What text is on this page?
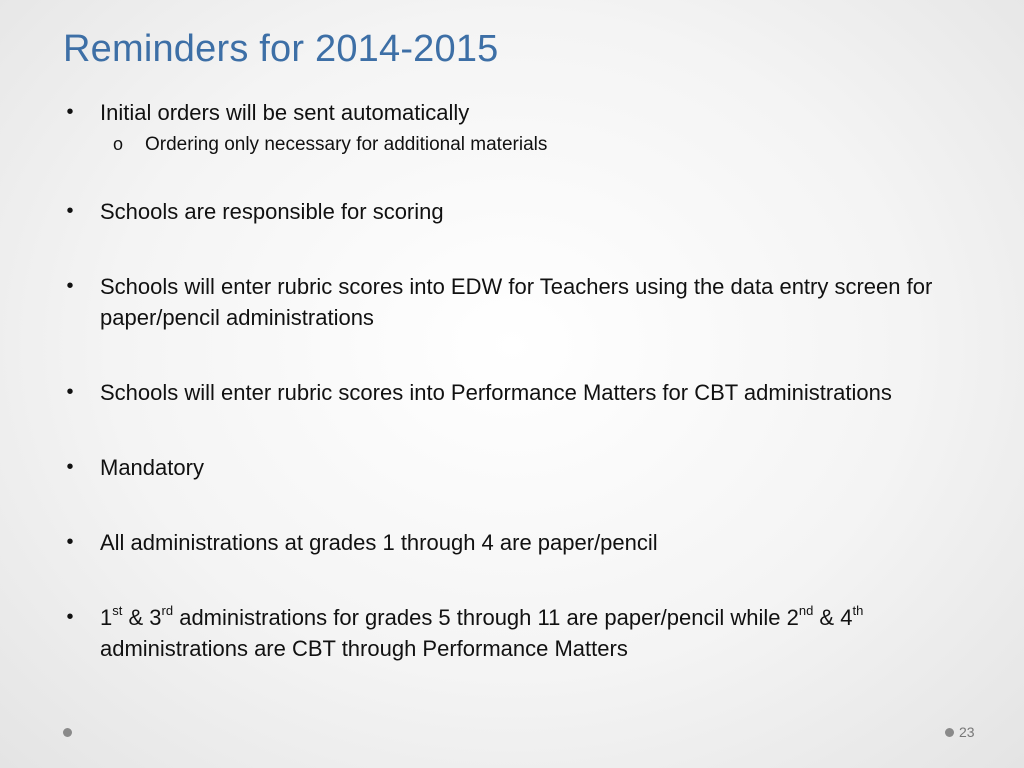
Reminders for 2014-2015
• Initial orders will be sent automatically
o Ordering only necessary for additional materials
• Schools are responsible for scoring
• Schools will enter rubric scores into EDW for Teachers using the data entry screen for paper/pencil administrations
• Schools will enter rubric scores into Performance Matters for CBT administrations
• Mandatory
• All administrations at grades 1 through 4 are paper/pencil
• 1st & 3rd administrations for grades 5 through 11 are paper/pencil while 2nd & 4th administrations are CBT through Performance Matters
23
